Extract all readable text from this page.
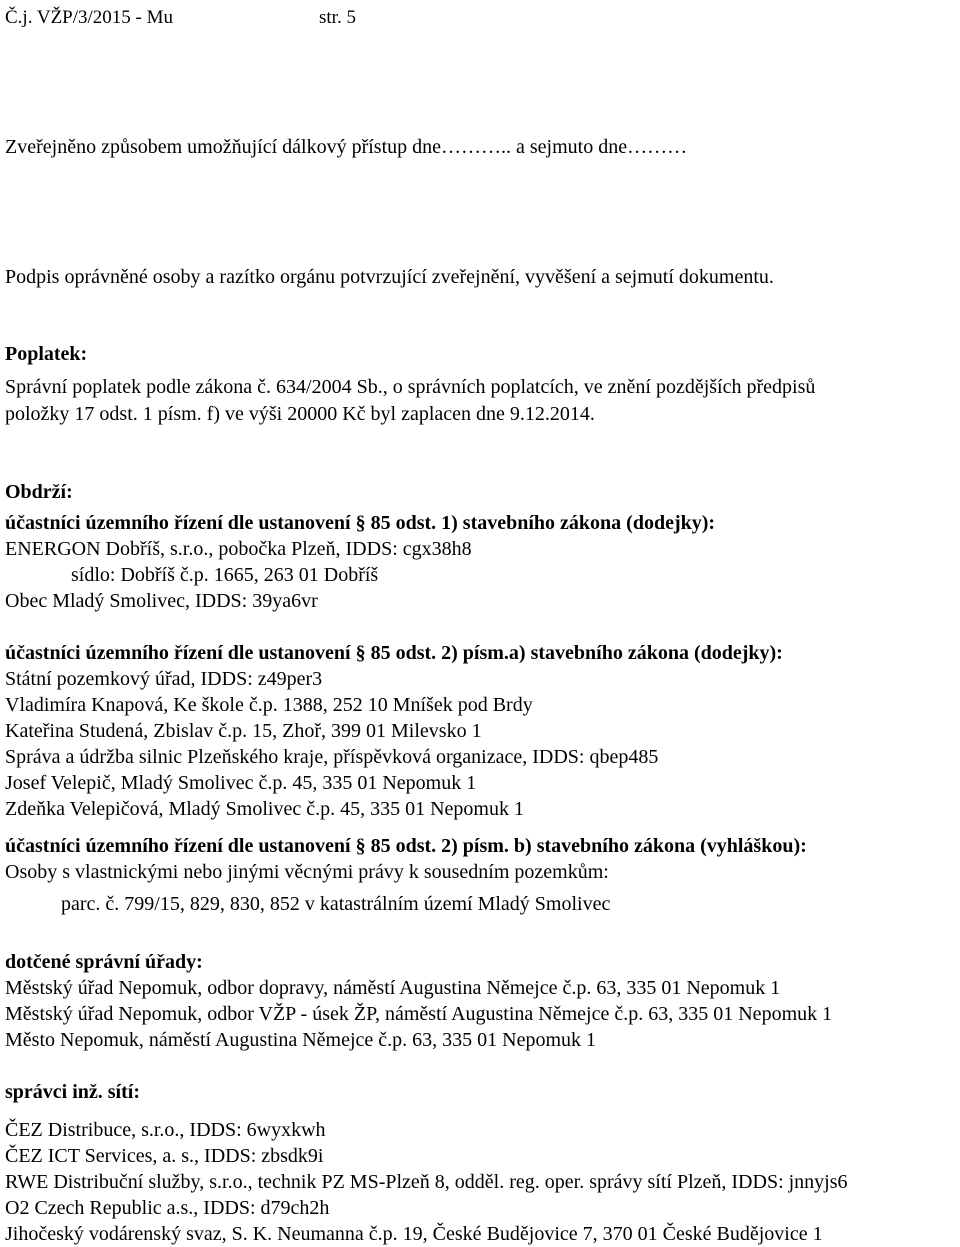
Č.j. VŽP/3/2015 - Mu	str. 5
Zveřejněno způsobem umožňující dálkový přístup dne……….. a sejmuto dne………
Podpis oprávněné osoby a razítko orgánu potvrzující zveřejnění, vyvěšení a sejmutí dokumentu.
Poplatek:
Správní poplatek podle zákona č. 634/2004 Sb., o správních poplatcích, ve znění pozdějších předpisů
položky 17 odst. 1 písm. f) ve výši 20000 Kč byl zaplacen dne 9.12.2014.
Obdrží:
účastníci územního řízení dle ustanovení § 85 odst. 1) stavebního zákona (dodejky):
ENERGON Dobříš, s.r.o., pobočka Plzeň, IDDS: cgx38h8
sídlo: Dobříš č.p. 1665, 263 01 Dobříš
Obec Mladý Smolivec, IDDS: 39ya6vr
účastníci územního řízení dle ustanovení § 85 odst. 2) písm.a) stavebního zákona (dodejky):
Státní pozemkový úřad, IDDS: z49per3
Vladimíra Knapová, Ke škole č.p. 1388, 252 10 Mníšek pod Brdy
Kateřina Studená, Zbislav č.p. 15, Zhoř, 399 01 Milevsko 1
Správa a údržba silnic Plzeňského kraje, příspěvková organizace, IDDS: qbep485
Josef Velepič, Mladý Smolivec č.p. 45, 335 01 Nepomuk 1
Zdeňka Velepičová, Mladý Smolivec č.p. 45, 335 01 Nepomuk 1
účastníci územního řízení dle ustanovení § 85 odst. 2) písm. b) stavebního zákona (vyhláškou):
Osoby s vlastnickými nebo jinými věcnými právy k sousedním pozemkům:
parc. č. 799/15, 829, 830, 852 v katastrálním území Mladý Smolivec
dotčené správní úřady:
Městský úřad Nepomuk, odbor dopravy, náměstí Augustina Němejce č.p. 63, 335 01 Nepomuk 1
Městský úřad Nepomuk, odbor VŽP - úsek ŽP, náměstí Augustina Němejce č.p. 63, 335 01 Nepomuk 1
Město Nepomuk, náměstí Augustina Němejce č.p. 63, 335 01 Nepomuk 1
správci inž. sítí:
ČEZ Distribuce, s.r.o., IDDS: 6wyxkwh
ČEZ ICT Services, a. s., IDDS: zbsdk9i
RWE Distribuční služby, s.r.o., technik PZ MS-Plzeň 8, odděl. reg. oper. správy sítí Plzeň, IDDS: jnnyjs6
O2 Czech Republic a.s., IDDS: d79ch2h
Jihočeský vodárenský svaz, S. K. Neumanna č.p. 19, České Budějovice 7, 370 01 České Budějovice 1
